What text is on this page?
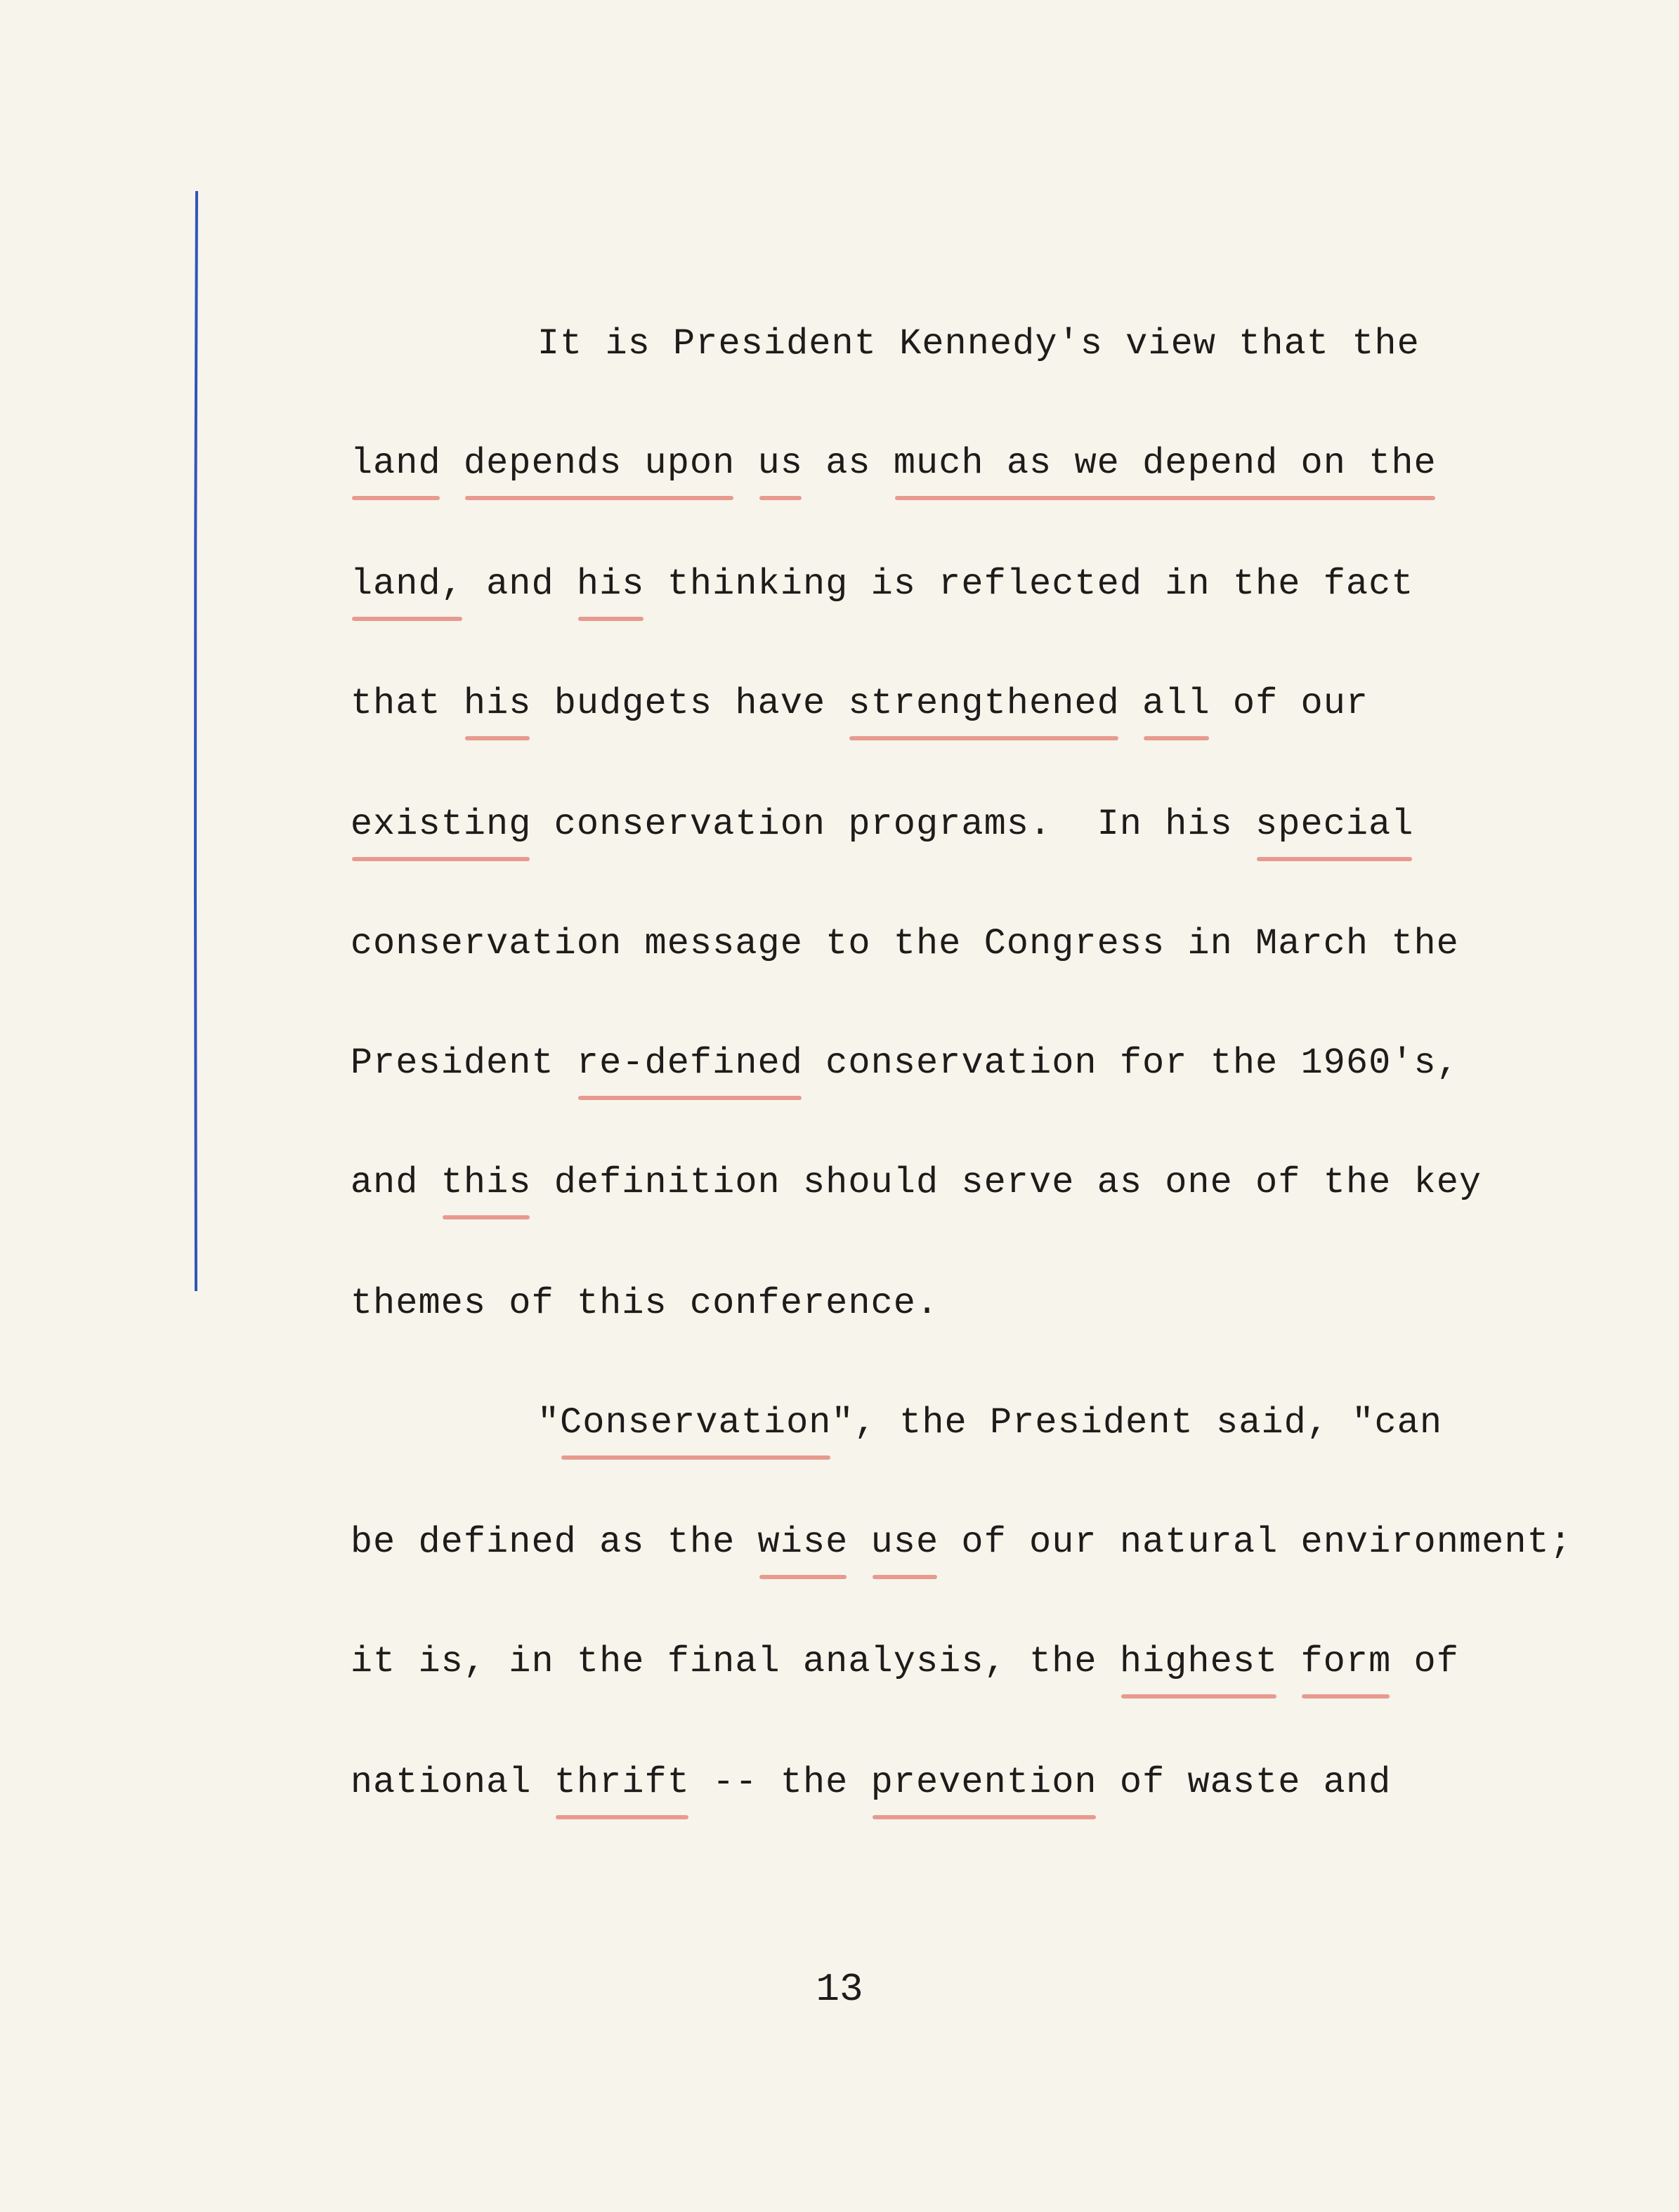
It is President Kennedy's view that the

land depends upon us as much as we depend on the

land, and his thinking is reflected in the fact

that his budgets have strengthened all of our

existing conservation programs.  In his special

conservation message to the Congress in March the

President re-defined conservation for the 1960's,

and this definition should serve as one of the key

themes of this conference.

"Conservation", the President said, "can

be defined as the wise use of our natural environment;

it is, in the final analysis, the highest form of

national thrift -- the prevention of waste and

13
